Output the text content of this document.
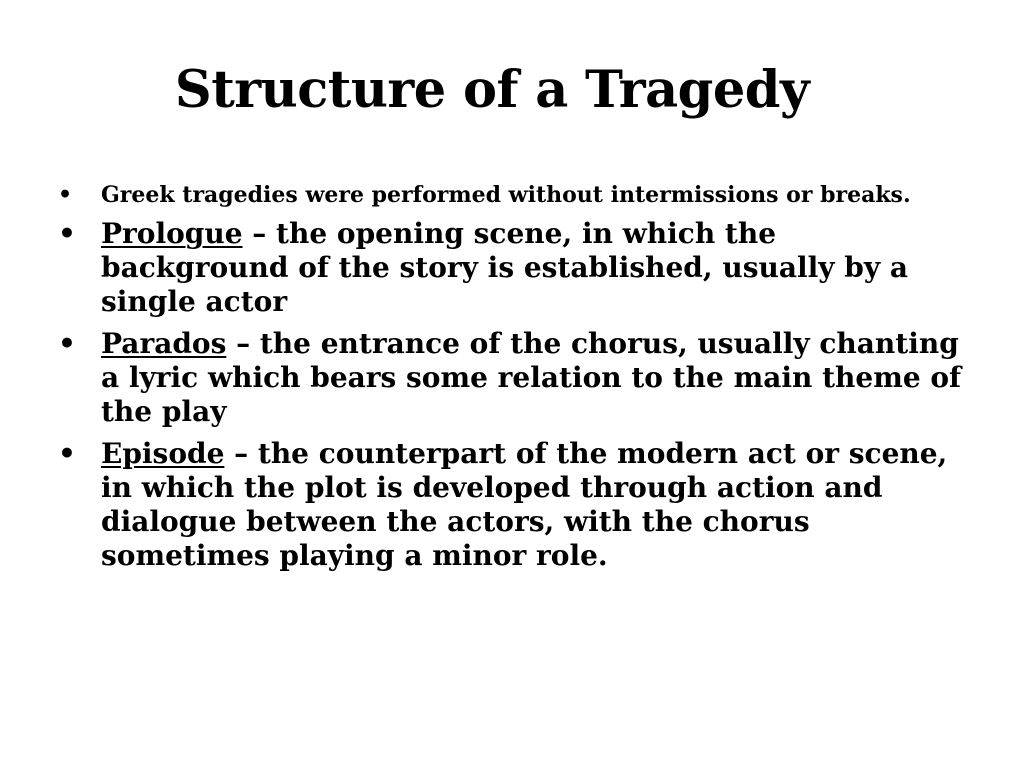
Structure of a Tragedy
• Greek tragedies were performed without intermissions or breaks.
• Prologue – the opening scene, in which the background of the story is established, usually by a single actor
• Parados – the entrance of the chorus, usually chanting a lyric which bears some relation to the main theme of the play
• Episode – the counterpart of the modern act or scene, in which the plot is developed through action and dialogue between the actors, with the chorus sometimes playing a minor role.
